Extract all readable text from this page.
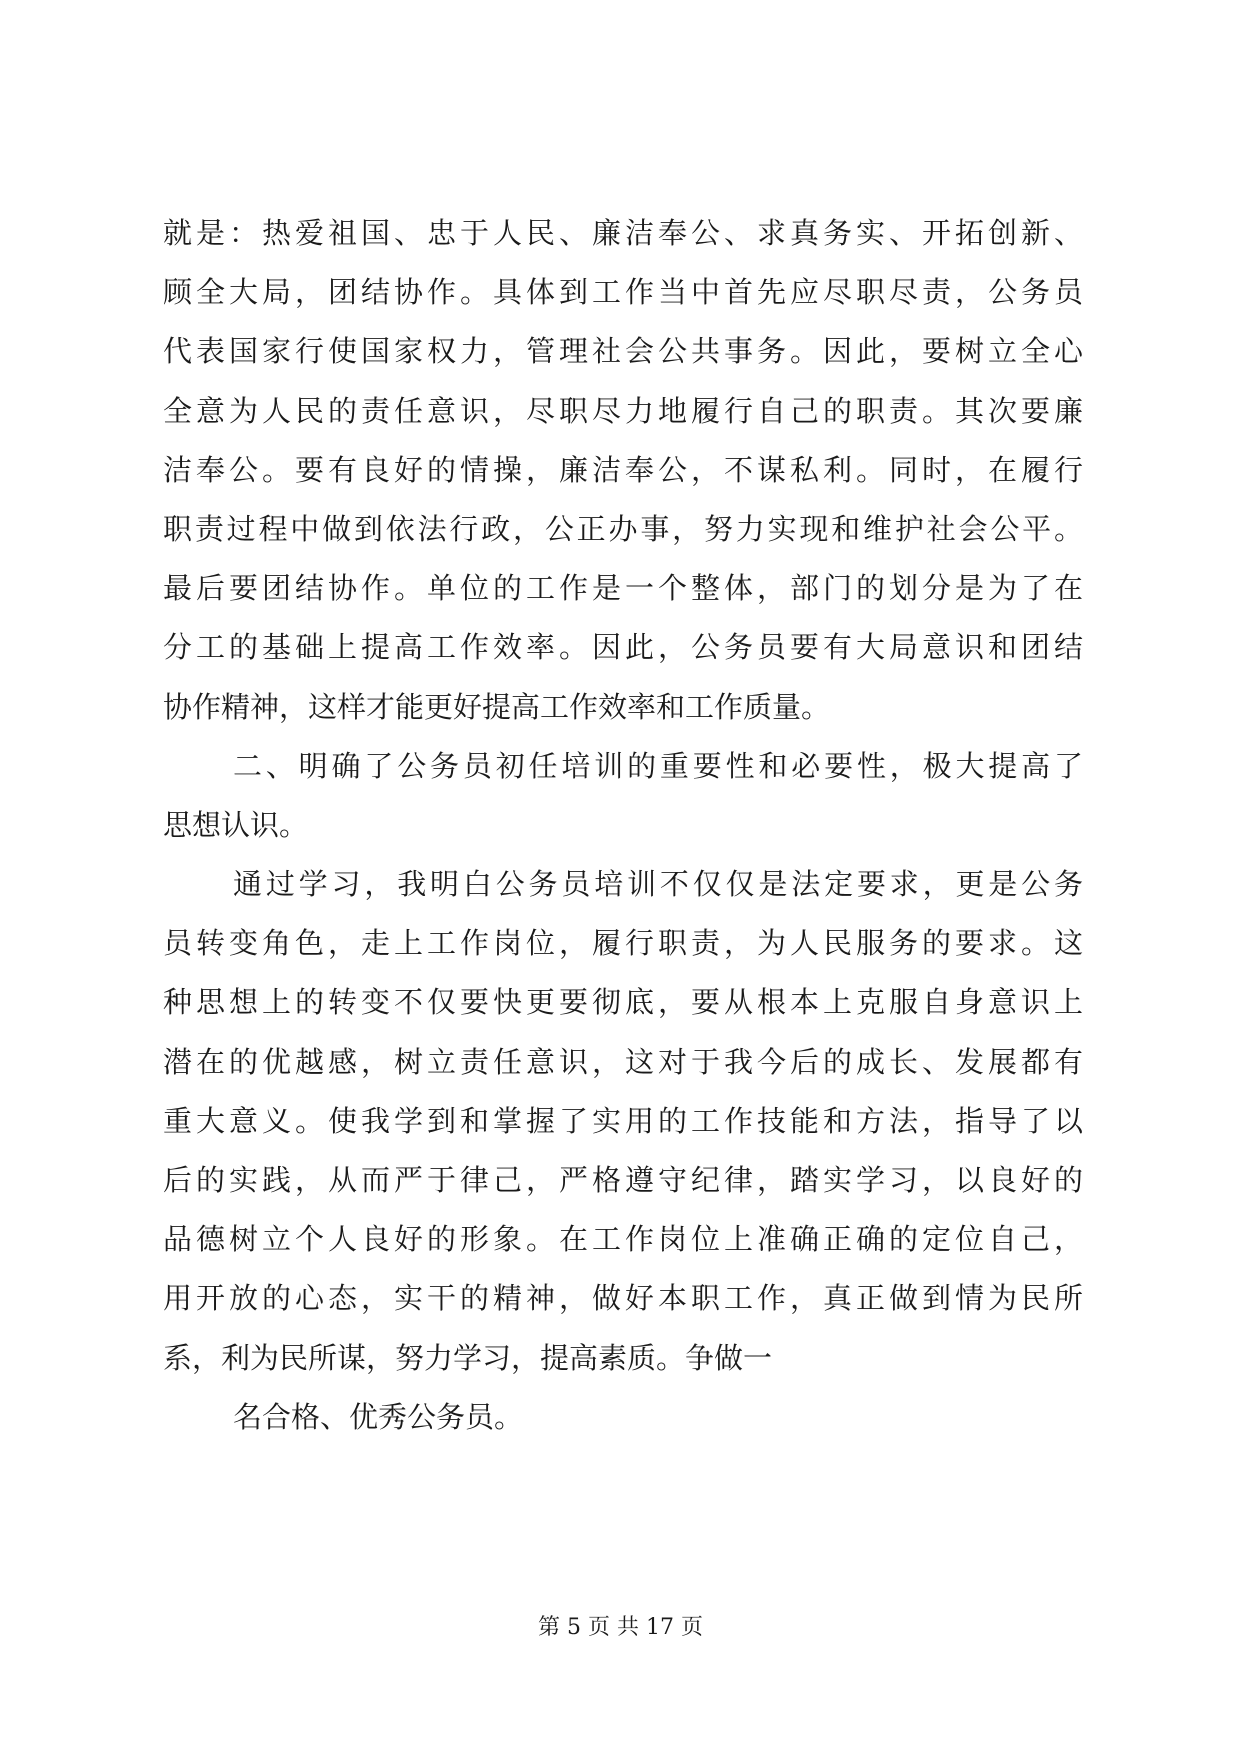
就是：热爱祖国、忠于人民、廉洁奉公、求真务实、开拓创新、
顾全大局，团结协作。具体到工作当中首先应尽职尽责，公务员
代表国家行使国家权力，管理社会公共事务。因此，要树立全心
全意为人民的责任意识，尽职尽力地履行自己的职责。其次要廉
洁奉公。要有良好的情操，廉洁奉公，不谋私利。同时，在履行
职责过程中做到依法行政，公正办事，努力实现和维护社会公平。
最后要团结协作。单位的工作是一个整体，部门的划分是为了在
分工的基础上提高工作效率。因此，公务员要有大局意识和团结
协作精神，这样才能更好提高工作效率和工作质量。
二、明确了公务员初任培训的重要性和必要性，极大提高了
思想认识。
通过学习，我明白公务员培训不仅仅是法定要求，更是公务
员转变角色，走上工作岗位，履行职责，为人民服务的要求。这
种思想上的转变不仅要快更要彻底，要从根本上克服自身意识上
潜在的优越感，树立责任意识，这对于我今后的成长、发展都有
重大意义。使我学到和掌握了实用的工作技能和方法，指导了以
后的实践，从而严于律己，严格遵守纪律，踏实学习，以良好的
品德树立个人良好的形象。在工作岗位上准确正确的定位自己，
用开放的心态，实干的精神，做好本职工作，真正做到情为民所
系，利为民所谋，努力学习，提高素质。争做一
名合格、优秀公务员。
第 5 页 共 17 页
